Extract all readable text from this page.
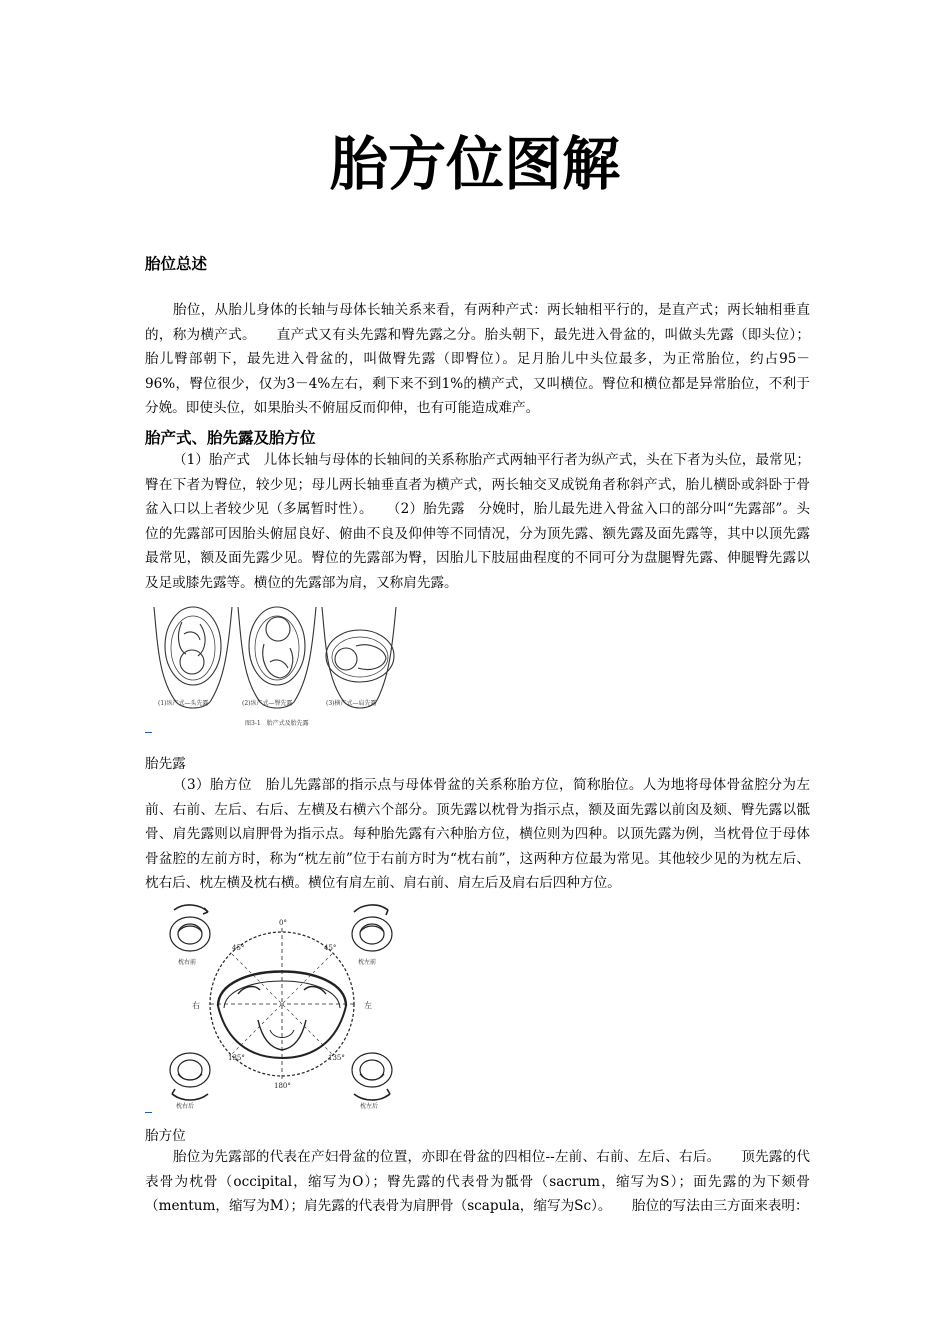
胎方位图解
胎位总述

胎位，从胎儿身体的长轴与母体长轴关系来看，有两种产式：两长轴相平行的，是直产式；两长轴相垂直的，称为横产式。　　直产式又有头先露和臀先露之分。胎头朝下，最先进入骨盆的，叫做头先露（即头位）；胎儿臀部朝下，最先进入骨盆的，叫做臀先露（即臀位）。足月胎儿中头位最多，为正常胎位，约占95－96%，臀位很少，仅为3－4%左右，剩下来不到1%的横产式，又叫横位。臀位和横位都是异常胎位，不利于分娩。即使头位，如果胎头不俯屈反而仰伸，也有可能造成难产。

胎产式、胎先露及胎方位

（1）胎产式　儿体长轴与母体的长轴间的关系称胎产式两轴平行者为纵产式，头在下者为头位，最常见；臀在下者为臀位，较少见；母儿两长轴垂直者为横产式，两长轴交叉成锐角者称斜产式，胎儿横卧或斜卧于骨盆入口以上者较少见（多属暂时性）。　　（2）胎先露　分娩时，胎儿最先进入骨盆入口的部分叫“先露部”。头位的先露部可因胎头俯屈良好、俯曲不良及仰伸等不同情况，分为顶先露、额先露及面先露等，其中以顶先露最常见，额及面先露少见。臀位的先露部为臀，因胎儿下肢屈曲程度的不同可分为盘腿臀先露、伸腿臀先露以及足或膝先露等。横位的先露部为肩，又称肩先露。

(1)纵产式—头先露	(2)纵产式—臀先露	(3)横产式—肩先露
图3-1　胎产式及胎先露
胎先露

（3）胎方位　胎儿先露部的指示点与母体骨盆的关系称胎方位，简称胎位。人为地将母体骨盆腔分为左前、右前、左后、右后、左横及右横六个部分。顶先露以枕骨为指示点，额及面先露以前囟及颏、臀先露以骶骨、肩先露则以肩胛骨为指示点。每种胎先露有六种胎方位，横位则为四种。以顶先露为例，当枕骨位于母体骨盆腔的左前方时，称为“枕左前”位于右前方时为“枕右前”，这两种方位最为常见。其他较少见的为枕左后、枕右后、枕左横及枕右横。横位有肩左前、肩右前、肩左后及肩右后四种方位。

0°
45°	45°
135°	135°
180°
右	左
枕右前	枕左前
枕右后	枕左后
胎方位

胎位为先露部的代表在产妇骨盆的位置，亦即在骨盆的四相位--左前、右前、左后、右后。　　顶先露的代表骨为枕骨（occipital，缩写为O）；臀先露的代表骨为骶骨（sacrum，缩写为S）；面先露的为下颏骨（mentum，缩写为M）；肩先露的代表骨为肩胛骨（scapula，缩写为Sc）。　　胎位的写法由三方面来表明：
